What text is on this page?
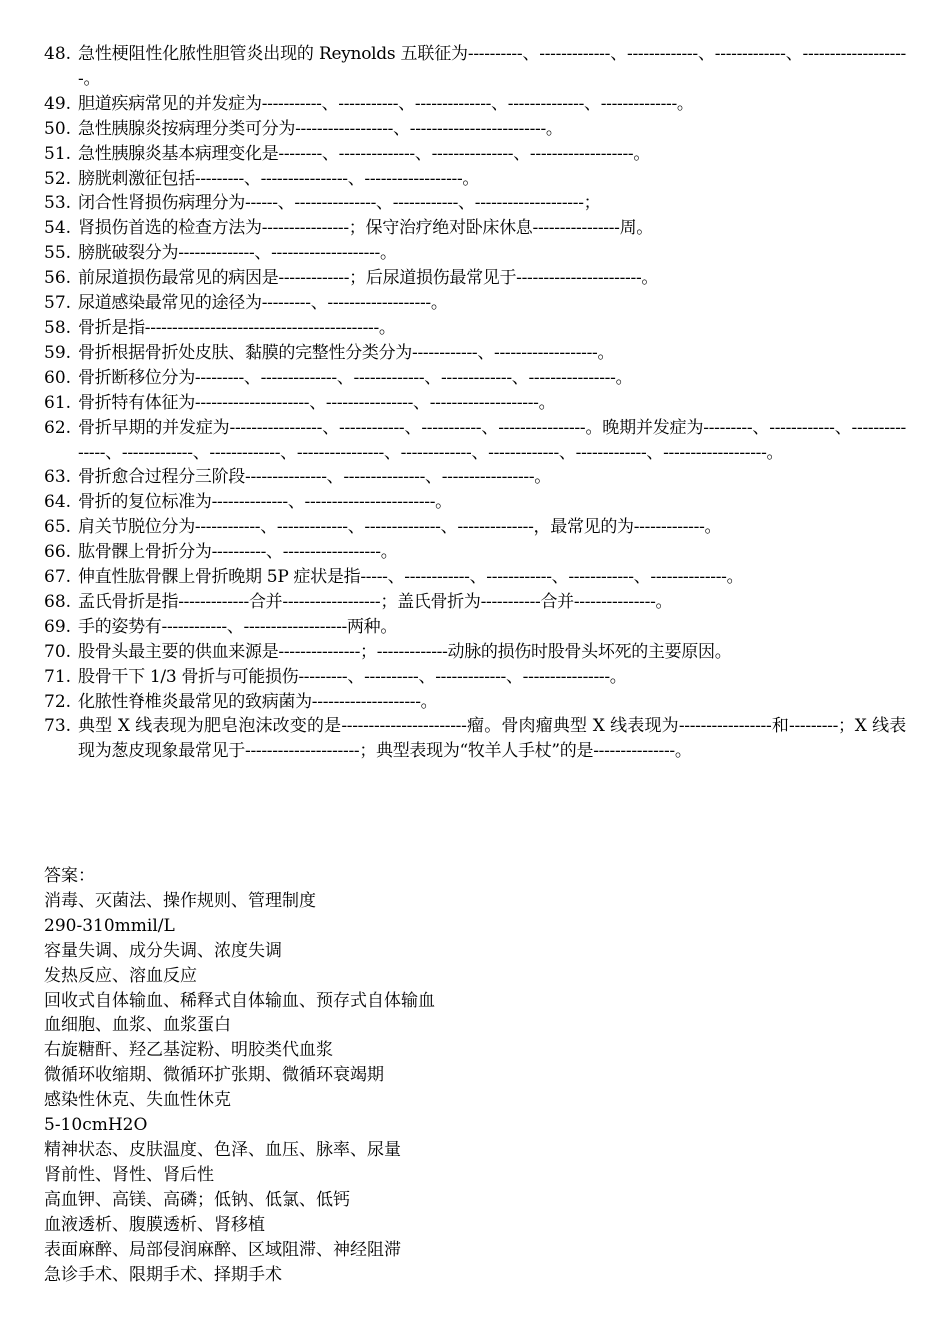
48. 急性梗阻性化脓性胆管炎出现的 Reynolds 五联征为----------、-------------、-------------、-------------、--------------------。
49. 胆道疾病常见的并发症为-----------、-----------、--------------、--------------、--------------。
50. 急性胰腺炎按病理分类可分为------------------、-------------------------。
51. 急性胰腺炎基本病理变化是--------、--------------、---------------、-------------------。
52. 膀胱刺激征包括---------、----------------、------------------。
53. 闭合性肾损伤病理分为------、---------------、------------、--------------------；
54. 肾损伤首选的检查方法为----------------；保守治疗绝对卧床休息----------------周。
55. 膀胱破裂分为--------------、--------------------。
56. 前尿道损伤最常见的病因是-------------；后尿道损伤最常见于-----------------------。
57. 尿道感染最常见的途径为---------、-------------------。
58. 骨折是指-------------------------------------------。
59. 骨折根据骨折处皮肤、黏膜的完整性分类分为------------、-------------------。
60. 骨折断移位分为---------、--------------、-------------、-------------、----------------。
61. 骨折特有体征为---------------------、----------------、--------------------。
62. 骨折早期的并发症为-----------------、------------、-----------、----------------。晚期并发症为---------、------------、---------------、-------------、-------------、----------------、-------------、-------------、-------------、-------------------。
63. 骨折愈合过程分三阶段---------------、---------------、-----------------。
64. 骨折的复位标准为--------------、------------------------。
65. 肩关节脱位分为------------、-------------、--------------、--------------，最常见的为-------------。
66. 肱骨髁上骨折分为----------、------------------。
67. 伸直性肱骨髁上骨折晚期 5P 症状是指-----、------------、------------、------------、--------------。
68. 孟氏骨折是指-------------合并------------------；盖氏骨折为-----------合并---------------。
69. 手的姿势有------------、-------------------两种。
70. 股骨头最主要的供血来源是---------------；-------------动脉的损伤时股骨头坏死的主要原因。
71. 股骨干下 1/3 骨折与可能损伤---------、----------、-------------、----------------。
72. 化脓性脊椎炎最常见的致病菌为--------------------。
73. 典型 X 线表现为肥皂泡沫改变的是-----------------------瘤。骨肉瘤典型 X 线表现为-----------------和---------；X 线表现为葱皮现象最常见于---------------------；典型表现为“牧羊人手杖”的是---------------。
答案：
消毒、灭菌法、操作规则、管理制度
290-310mmil/L
容量失调、成分失调、浓度失调
发热反应、溶血反应
回收式自体输血、稀释式自体输血、预存式自体输血
血细胞、血浆、血浆蛋白
右旋糖酐、羟乙基淀粉、明胶类代血浆
微循环收缩期、微循环扩张期、微循环衰竭期
感染性休克、失血性休克
5-10cmH2O
精神状态、皮肤温度、色泽、血压、脉率、尿量
肾前性、肾性、肾后性
高血钾、高镁、高磷；低钠、低氯、低钙
血液透析、腹膜透析、肾移植
表面麻醉、局部侵润麻醉、区域阻滞、神经阻滞
急诊手术、限期手术、择期手术
